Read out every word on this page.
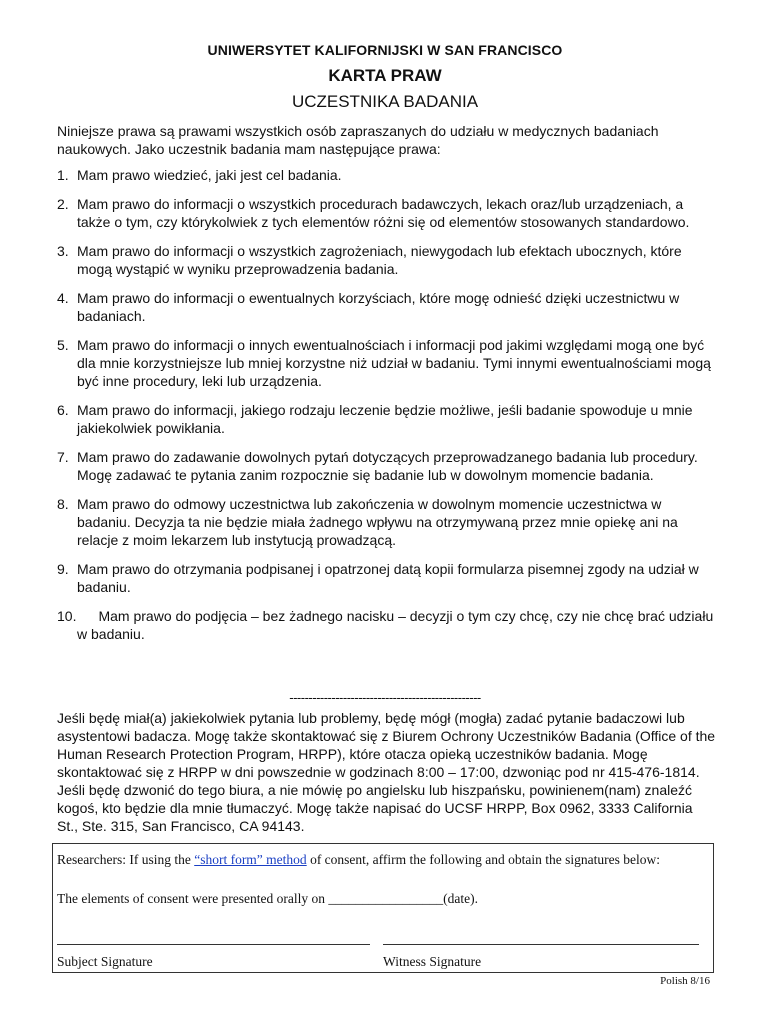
UNIWERSYTET KALIFORNIJSKI W SAN FRANCISCO
KARTA PRAW
UCZESTNIKA BADANIA
Niniejsze prawa są prawami wszystkich osób zapraszanych do udziału w medycznych badaniach naukowych. Jako uczestnik badania mam następujące prawa:
1. Mam prawo wiedzieć, jaki jest cel badania.
2. Mam prawo do informacji o wszystkich procedurach badawczych, lekach oraz/lub urządzeniach, a także o tym, czy którykolwiek z tych elementów różni się od elementów stosowanych standardowo.
3. Mam prawo do informacji o wszystkich zagrożeniach, niewygodach lub efektach ubocznych, które mogą wystąpić w wyniku przeprowadzenia badania.
4. Mam prawo do informacji o ewentualnych korzyściach, które mogę odnieść dzięki uczestnictwu w badaniach.
5. Mam prawo do informacji o innych ewentualnościach i informacji pod jakimi względami mogą one być dla mnie korzystniejsze lub mniej korzystne niż udział w badaniu. Tymi innymi ewentualnościami mogą być inne procedury, leki lub urządzenia.
6. Mam prawo do informacji, jakiego rodzaju leczenie będzie możliwe, jeśli badanie spowoduje u mnie jakiekolwiek powikłania.
7. Mam prawo do zadawanie dowolnych pytań dotyczących przeprowadzanego badania lub procedury. Mogę zadawać te pytania zanim rozpocznie się badanie lub w dowolnym momencie badania.
8. Mam prawo do odmowy uczestnictwa lub zakończenia w dowolnym momencie uczestnictwa w badaniu. Decyzja ta nie będzie miała żadnego wpływu na otrzymywaną przez mnie opiekę ani na relacje z moim lekarzem lub instytucją prowadzącą.
9. Mam prawo do otrzymania podpisanej i opatrzonej datą kopii formularza pisemnej zgody na udział w badaniu.
10. Mam prawo do podjęcia – bez żadnego nacisku – decyzji o tym czy chcę, czy nie chcę brać udziału w badaniu.
--------------------------------------------------
Jeśli będę miał(a) jakiekolwiek pytania lub problemy, będę mógł (mogła) zadać pytanie badaczowi lub asystentowi badacza. Mogę także skontaktować się z Biurem Ochrony Uczestników Badania (Office of the Human Research Protection Program, HRPP), które otacza opieką uczestników badania. Mogę skontaktować się z HRPP w dni powszednie w godzinach 8:00 – 17:00, dzwoniąc pod nr 415-476-1814. Jeśli będę dzwonić do tego biura, a nie mówię po angielsku lub hiszpańsku, powinienem(nam) znaleźć kogoś, kto będzie dla mnie tłumaczyć. Mogę także napisać do UCSF HRPP, Box 0962, 3333 California St., Ste. 315, San Francisco, CA 94143.
Researchers: If using the “short form” method of consent, affirm the following and obtain the signatures below:
The elements of consent were presented orally on _________________(date).
Subject Signature	Witness Signature
Polish 8/16
